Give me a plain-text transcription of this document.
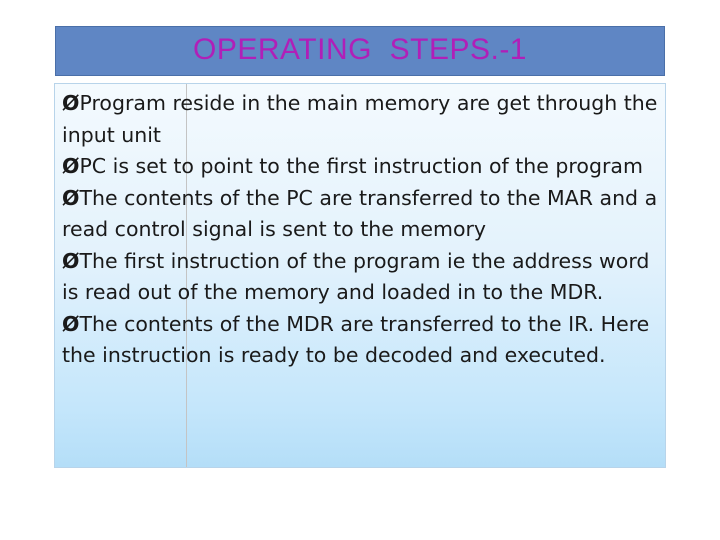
OPERATING  STEPS.-1
ØProgram reside in the main memory are get through the input unit
ØPC is set to point to the first instruction of the program
ØThe contents of the PC are transferred to the MAR and a read control signal is sent to the memory
ØThe first instruction of the program ie the address word is read out of the memory and loaded in to the MDR.
ØThe contents of the MDR are transferred to the IR. Here the instruction is ready to be decoded and executed.
